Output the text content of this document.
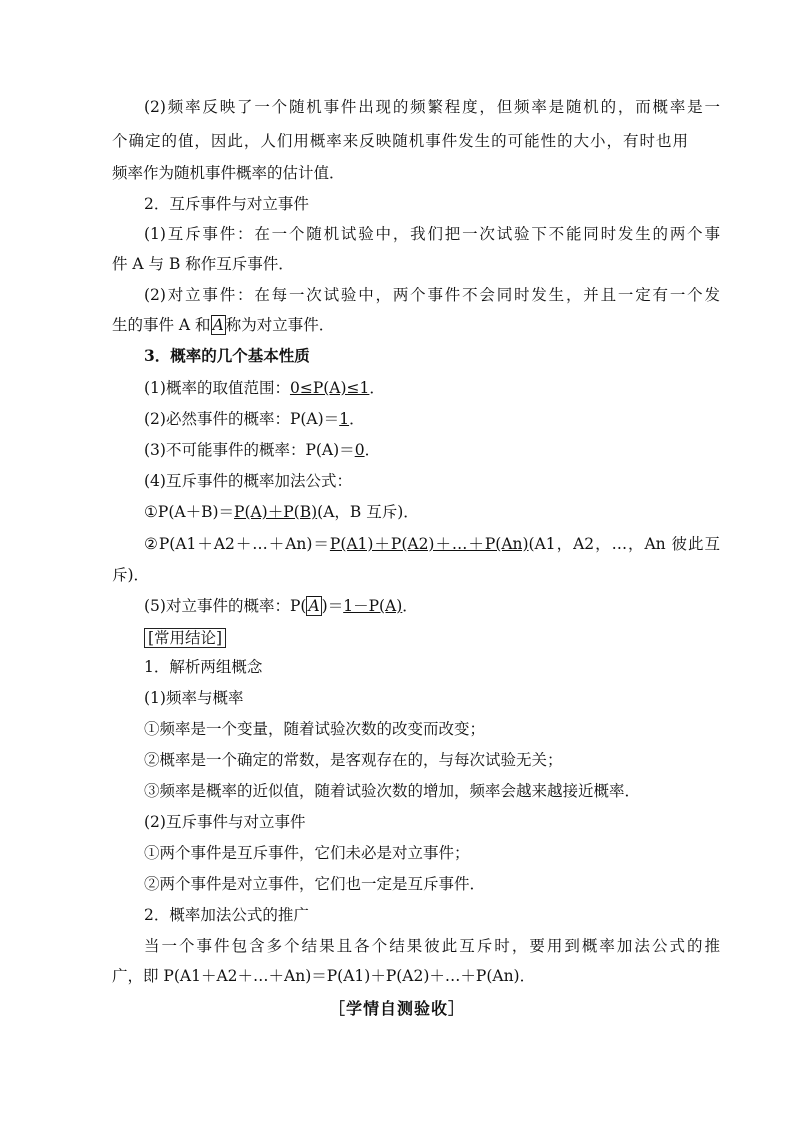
(2)频率反映了一个随机事件出现的频繁程度，但频率是随机的，而概率是一
个确定的值，因此，人们用概率来反映随机事件发生的可能性的大小，有时也用
频率作为随机事件概率的估计值．
2．互斥事件与对立事件
(1)互斥事件：在一个随机试验中，我们把一次试验下不能同时发生的两个事
件 A 与 B 称作互斥事件．
(2)对立事件：在每一次试验中，两个事件不会同时发生，并且一定有一个发
生的事件 A 和 $\overline{A}$ 称为对立事件．
3．概率的几个基本性质
(1)概率的取值范围：0≤P(A)≤1．
(2)必然事件的概率：P(A)＝1．
(3)不可能事件的概率：P(A)＝0．
(4)互斥事件的概率加法公式：
①P(A＋B)＝P(A)＋P(B)(A，B 互斥)．
②P(A1＋A2＋…＋An)＝P(A1)＋P(A2)＋…＋P(An)(A1，A2，…，An 彼此互
斥)．
(5)对立事件的概率：P( $\overline{A}$ )＝1－P(A)．
[常用结论]
1．解析两组概念
(1)频率与概率
①频率是一个变量，随着试验次数的改变而改变；
②概率是一个确定的常数，是客观存在的，与每次试验无关；
③频率是概率的近似值，随着试验次数的增加，频率会越来越接近概率．
(2)互斥事件与对立事件
①两个事件是互斥事件，它们未必是对立事件；
②两个事件是对立事件，它们也一定是互斥事件．
2．概率加法公式的推广
当一个事件包含多个结果且各个结果彼此互斥时，要用到概率加法公式的推
广，即 P(A1＋A2＋…＋An)＝P(A1)＋P(A2)＋…＋P(An)．
［学情自测验收］
